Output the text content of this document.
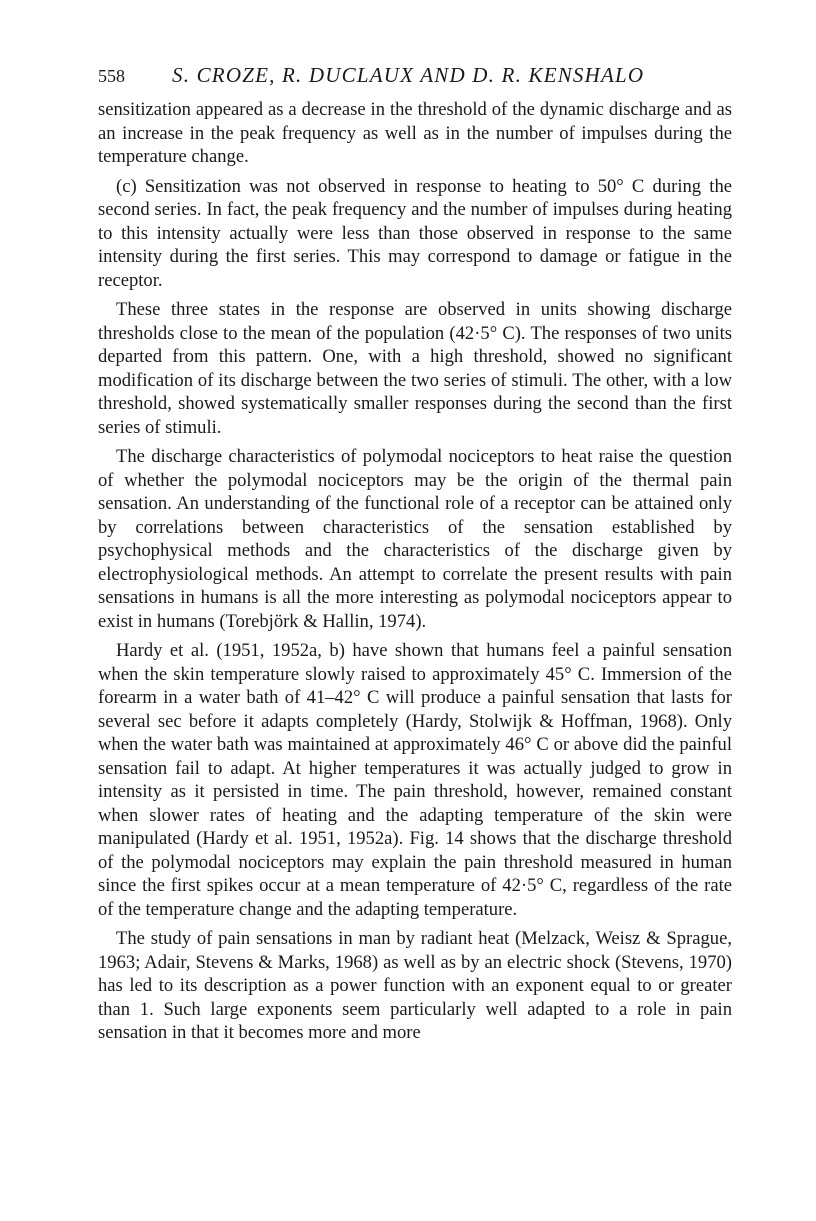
558	S. CROZE, R. DUCLAUX AND D. R. KENSHALO

sensitization appeared as a decrease in the threshold of the dynamic discharge and as an increase in the peak frequency as well as in the number of impulses during the temperature change.

(c) Sensitization was not observed in response to heating to 50° C during the second series. In fact, the peak frequency and the number of impulses during heating to this intensity actually were less than those observed in response to the same intensity during the first series. This may correspond to damage or fatigue in the receptor.

These three states in the response are observed in units showing discharge thresholds close to the mean of the population (42·5° C). The responses of two units departed from this pattern. One, with a high threshold, showed no significant modification of its discharge between the two series of stimuli. The other, with a low threshold, showed systematically smaller responses during the second than the first series of stimuli.

The discharge characteristics of polymodal nociceptors to heat raise the question of whether the polymodal nociceptors may be the origin of the thermal pain sensation. An understanding of the functional role of a receptor can be attained only by correlations between characteristics of the sensation established by psychophysical methods and the characteristics of the discharge given by electrophysiological methods. An attempt to correlate the present results with pain sensations in humans is all the more interesting as polymodal nociceptors appear to exist in humans (Torebjörk & Hallin, 1974).

Hardy et al. (1951, 1952a, b) have shown that humans feel a painful sensation when the skin temperature slowly raised to approximately 45° C. Immersion of the forearm in a water bath of 41–42° C will produce a painful sensation that lasts for several sec before it adapts completely (Hardy, Stolwijk & Hoffman, 1968). Only when the water bath was maintained at approximately 46° C or above did the painful sensation fail to adapt. At higher temperatures it was actually judged to grow in intensity as it persisted in time. The pain threshold, however, remained constant when slower rates of heating and the adapting temperature of the skin were manipulated (Hardy et al. 1951, 1952a). Fig. 14 shows that the discharge threshold of the polymodal nociceptors may explain the pain threshold measured in human since the first spikes occur at a mean temperature of 42·5° C, regardless of the rate of the temperature change and the adapting temperature.

The study of pain sensations in man by radiant heat (Melzack, Weisz & Sprague, 1963; Adair, Stevens & Marks, 1968) as well as by an electric shock (Stevens, 1970) has led to its description as a power function with an exponent equal to or greater than 1. Such large exponents seem particularly well adapted to a role in pain sensation in that it becomes more and more
